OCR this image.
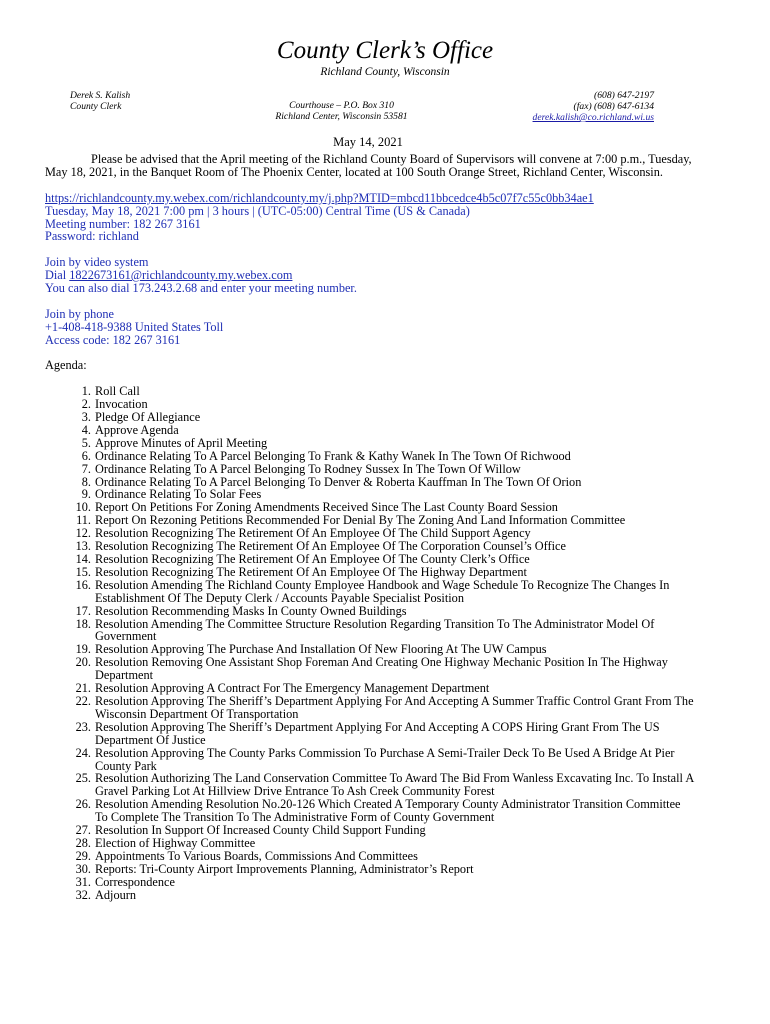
County Clerk’s Office
Richland County, Wisconsin
Derek S. Kalish
County Clerk	Courthouse – P.O. Box 310
Richland Center, Wisconsin 53581
(608) 647-2197
(fax) (608) 647-6134
derek.kalish@co.richland.wi.us
May 14, 2021

Please be advised that the April meeting of the Richland County Board of Supervisors will convene at 7:00 p.m., Tuesday, May 18, 2021, in the Banquet Room of The Phoenix Center, located at 100 South Orange Street, Richland Center, Wisconsin.

https://richlandcounty.my.webex.com/richlandcounty.my/j.php?MTID=mbcd11bbcedce4b5c07f7c55c0bb34ae1
Tuesday, May 18, 2021 7:00 pm | 3 hours | (UTC-05:00) Central Time (US & Canada)
Meeting number: 182 267 3161
Password: richland
Join by video system
Dial 1822673161@richlandcounty.my.webex.com
You can also dial 173.243.2.68 and enter your meeting number.
Join by phone
+1-408-418-9388 United States Toll
Access code: 182 267 3161

Agenda:

1. Roll Call
2. Invocation
3. Pledge Of Allegiance
4. Approve Agenda
5. Approve Minutes of April Meeting
6. Ordinance Relating To A Parcel Belonging To Frank & Kathy Wanek In The Town Of Richwood
7. Ordinance Relating To A Parcel Belonging To Rodney Sussex In The Town Of Willow
8. Ordinance Relating To A Parcel Belonging To Denver & Roberta Kauffman In The Town Of Orion
9. Ordinance Relating To Solar Fees
10. Report On Petitions For Zoning Amendments Received Since The Last County Board Session
11. Report On Rezoning Petitions Recommended For Denial By The Zoning And Land Information Committee
12. Resolution Recognizing The Retirement Of An Employee Of The Child Support Agency
13. Resolution Recognizing The Retirement Of An Employee Of The Corporation Counsel’s Office
14. Resolution Recognizing The Retirement Of An Employee Of The County Clerk’s Office
15. Resolution Recognizing The Retirement Of An Employee Of The Highway Department
16. Resolution Amending The Richland County Employee Handbook and Wage Schedule To Recognize The Changes In Establishment Of The Deputy Clerk / Accounts Payable Specialist Position
17. Resolution Recommending Masks In County Owned Buildings
18. Resolution Amending The Committee Structure Resolution Regarding Transition To The Administrator Model Of Government
19. Resolution Approving The Purchase And Installation Of New Flooring At The UW Campus
20. Resolution Removing One Assistant Shop Foreman And Creating One Highway Mechanic Position In The Highway Department
21. Resolution Approving A Contract For The Emergency Management Department
22. Resolution Approving The Sheriff’s Department Applying For And Accepting A Summer Traffic Control Grant From The Wisconsin Department Of Transportation
23. Resolution Approving The Sheriff’s Department Applying For And Accepting A COPS Hiring Grant From The US Department Of Justice
24. Resolution Approving The County Parks Commission To Purchase A Semi-Trailer Deck To Be Used A Bridge At Pier County Park
25. Resolution Authorizing The Land Conservation Committee To Award The Bid From Wanless Excavating Inc. To Install A Gravel Parking Lot At Hillview Drive Entrance To Ash Creek Community Forest
26. Resolution Amending Resolution No.20-126 Which Created A Temporary County Administrator Transition Committee To Complete The Transition To The Administrative Form of County Government
27. Resolution In Support Of Increased County Child Support Funding
28. Election of Highway Committee
29. Appointments To Various Boards, Commissions And Committees
30. Reports: Tri-County Airport Improvements Planning, Administrator’s Report
31. Correspondence
32. Adjourn
